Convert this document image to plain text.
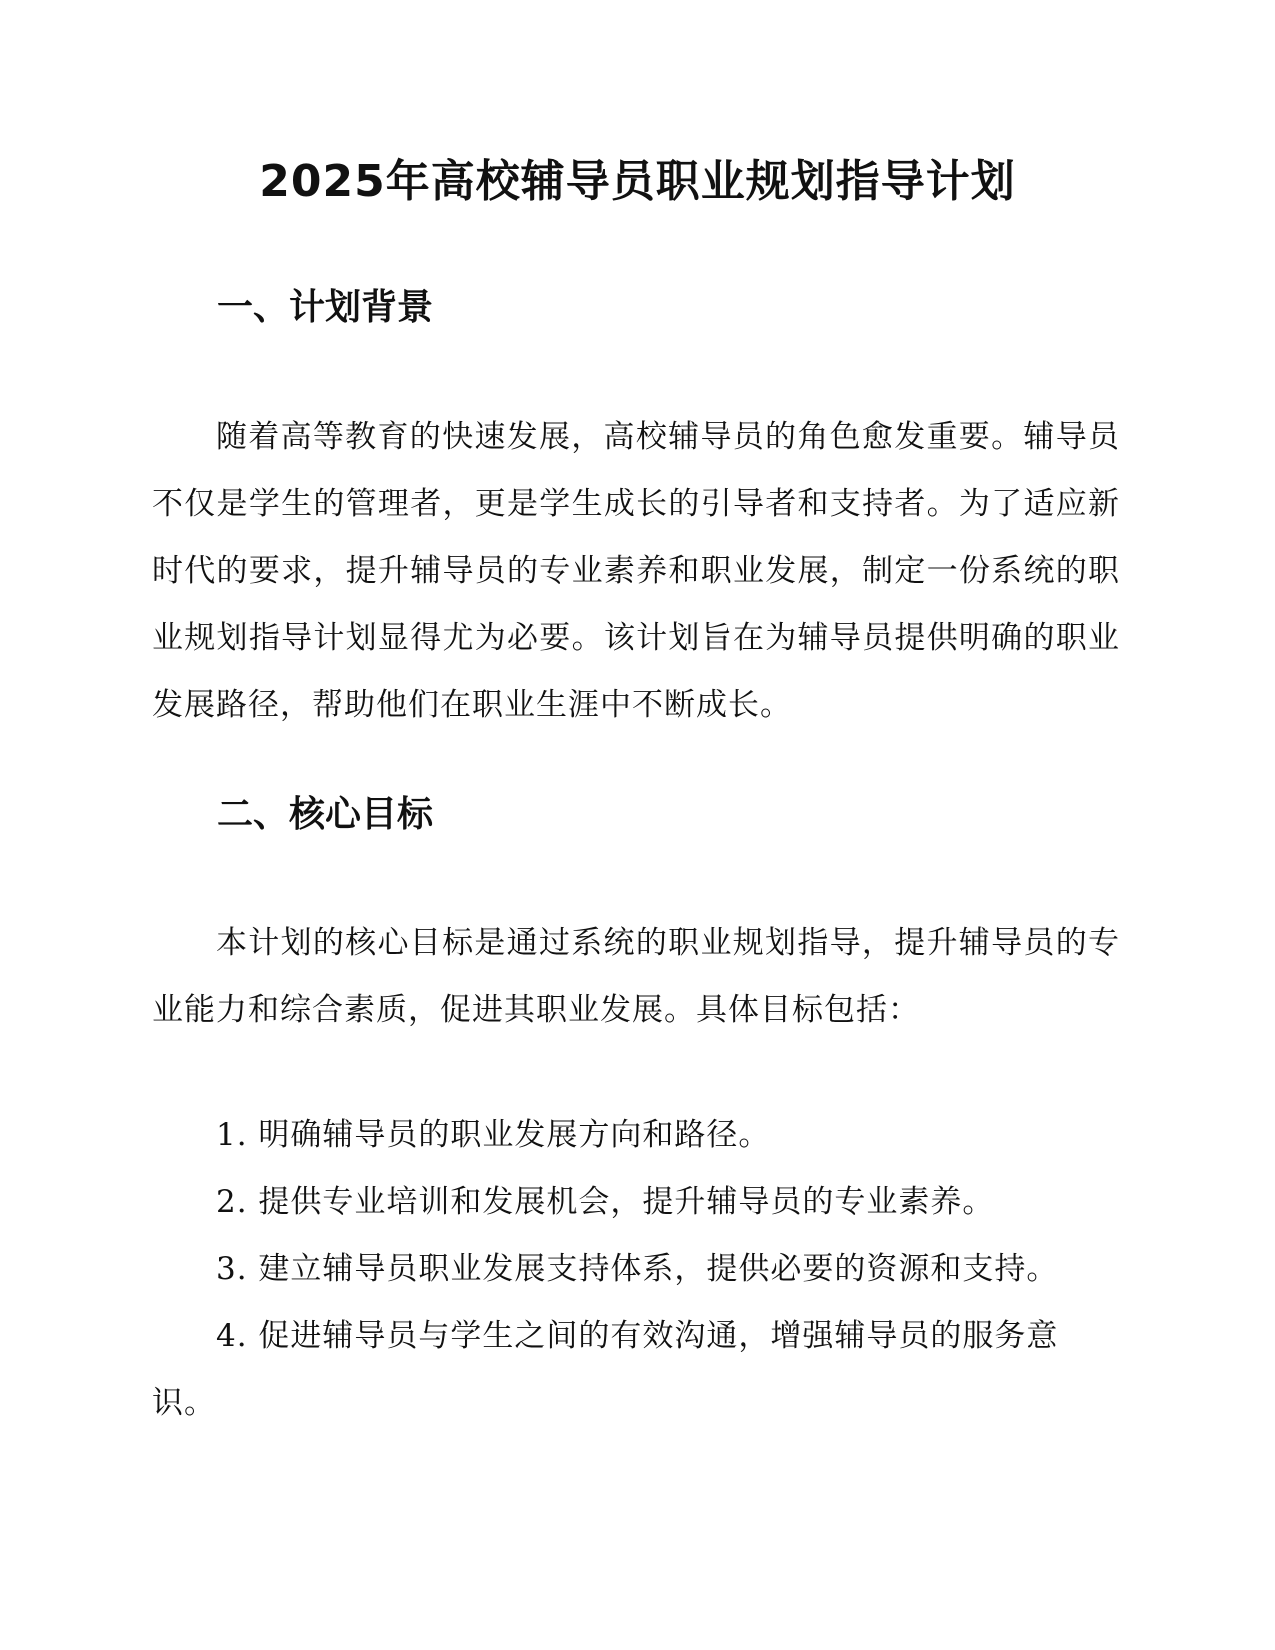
2025年高校辅导员职业规划指导计划
一、计划背景

随着高等教育的快速发展，高校辅导员的角色愈发重要。辅导员不仅是学生的管理者，更是学生成长的引导者和支持者。为了适应新时代的要求，提升辅导员的专业素养和职业发展，制定一份系统的职业规划指导计划显得尤为必要。该计划旨在为辅导员提供明确的职业发展路径，帮助他们在职业生涯中不断成长。

二、核心目标

本计划的核心目标是通过系统的职业规划指导，提升辅导员的专业能力和综合素质，促进其职业发展。具体目标包括：

1. 明确辅导员的职业发展方向和路径。
2. 提供专业培训和发展机会，提升辅导员的专业素养。
3. 建立辅导员职业发展支持体系，提供必要的资源和支持。
4. 促进辅导员与学生之间的有效沟通，增强辅导员的服务意识。
